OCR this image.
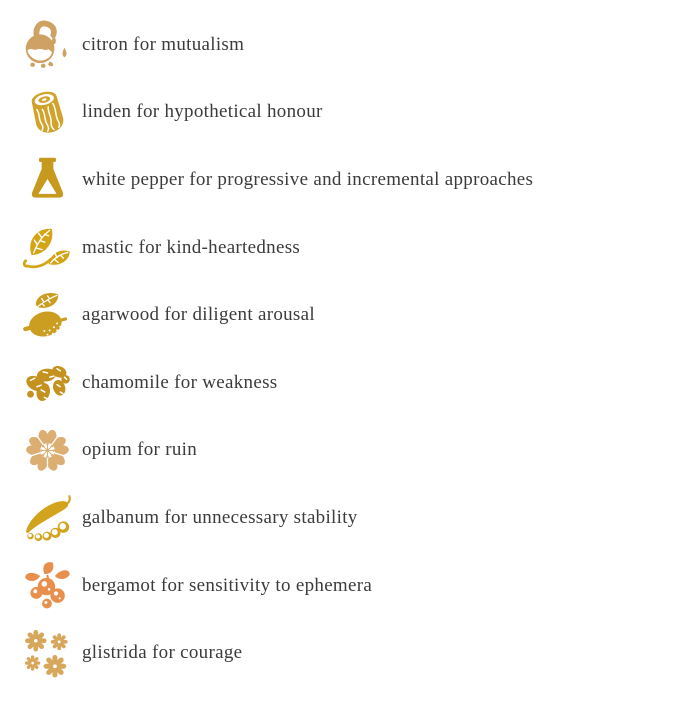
citron for mutualism
linden for hypothetical honour
white pepper for progressive and incremental approaches
mastic for kind-heartedness
agarwood for diligent arousal
chamomile for weakness
opium for ruin
galbanum for unnecessary stability
bergamot for sensitivity to ephemera
glistrida for courage
